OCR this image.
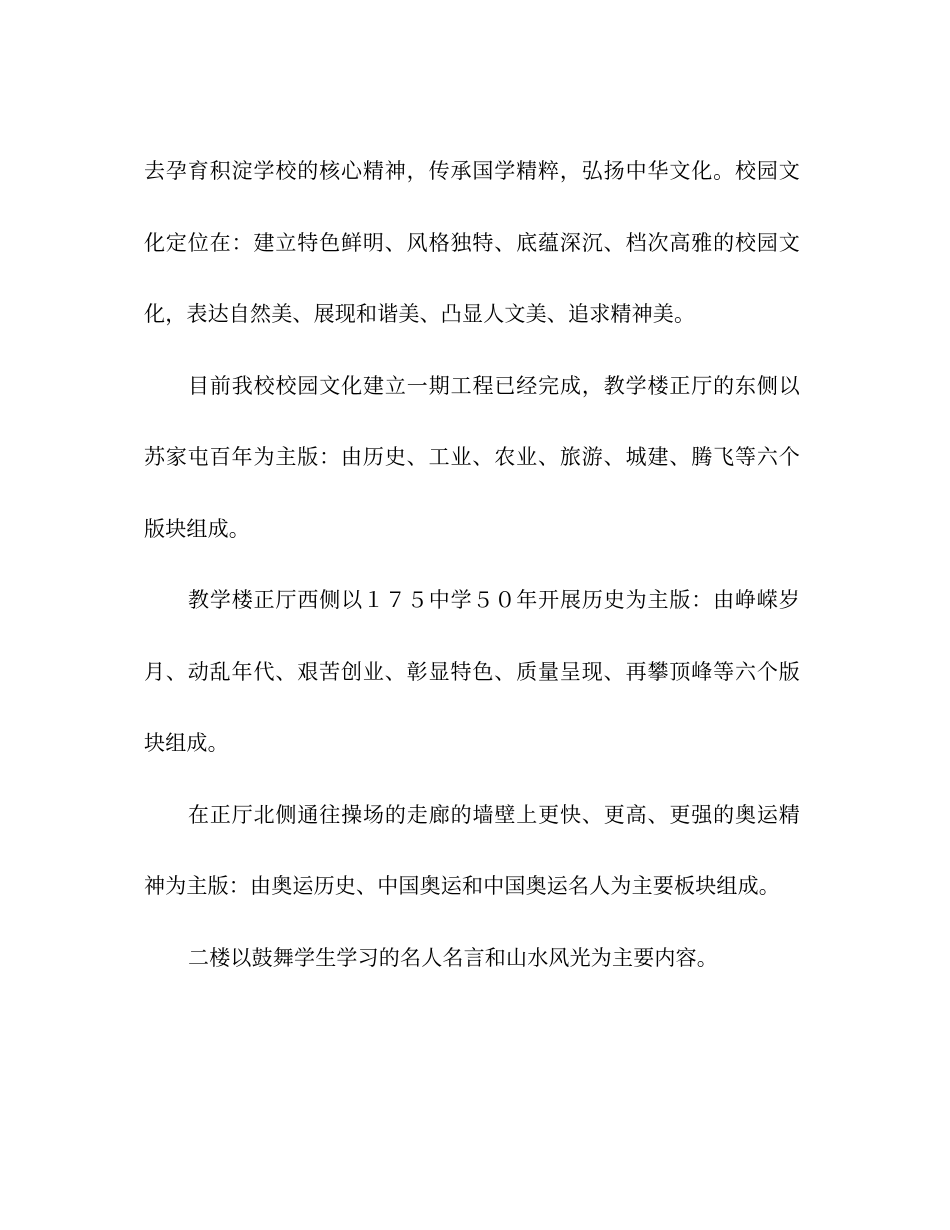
去孕育积淀学校的核心精神，传承国学精粹，弘扬中华文化。校园文化定位在：建立特色鲜明、风格独特、底蕴深沉、档次高雅的校园文化，表达自然美、展现和谐美、凸显人文美、追求精神美。

目前我校校园文化建立一期工程已经完成，教学楼正厅的东侧以苏家屯百年为主版：由历史、工业、农业、旅游、城建、腾飞等六个版块组成。

教学楼正厅西侧以１７５中学５０年开展历史为主版：由峥嵘岁月、动乱年代、艰苦创业、彰显特色、质量呈现、再攀顶峰等六个版块组成。

在正厅北侧通往操场的走廊的墙壁上更快、更高、更强的奥运精神为主版：由奥运历史、中国奥运和中国奥运名人为主要板块组成。

二楼以鼓舞学生学习的名人名言和山水风光为主要内容。
